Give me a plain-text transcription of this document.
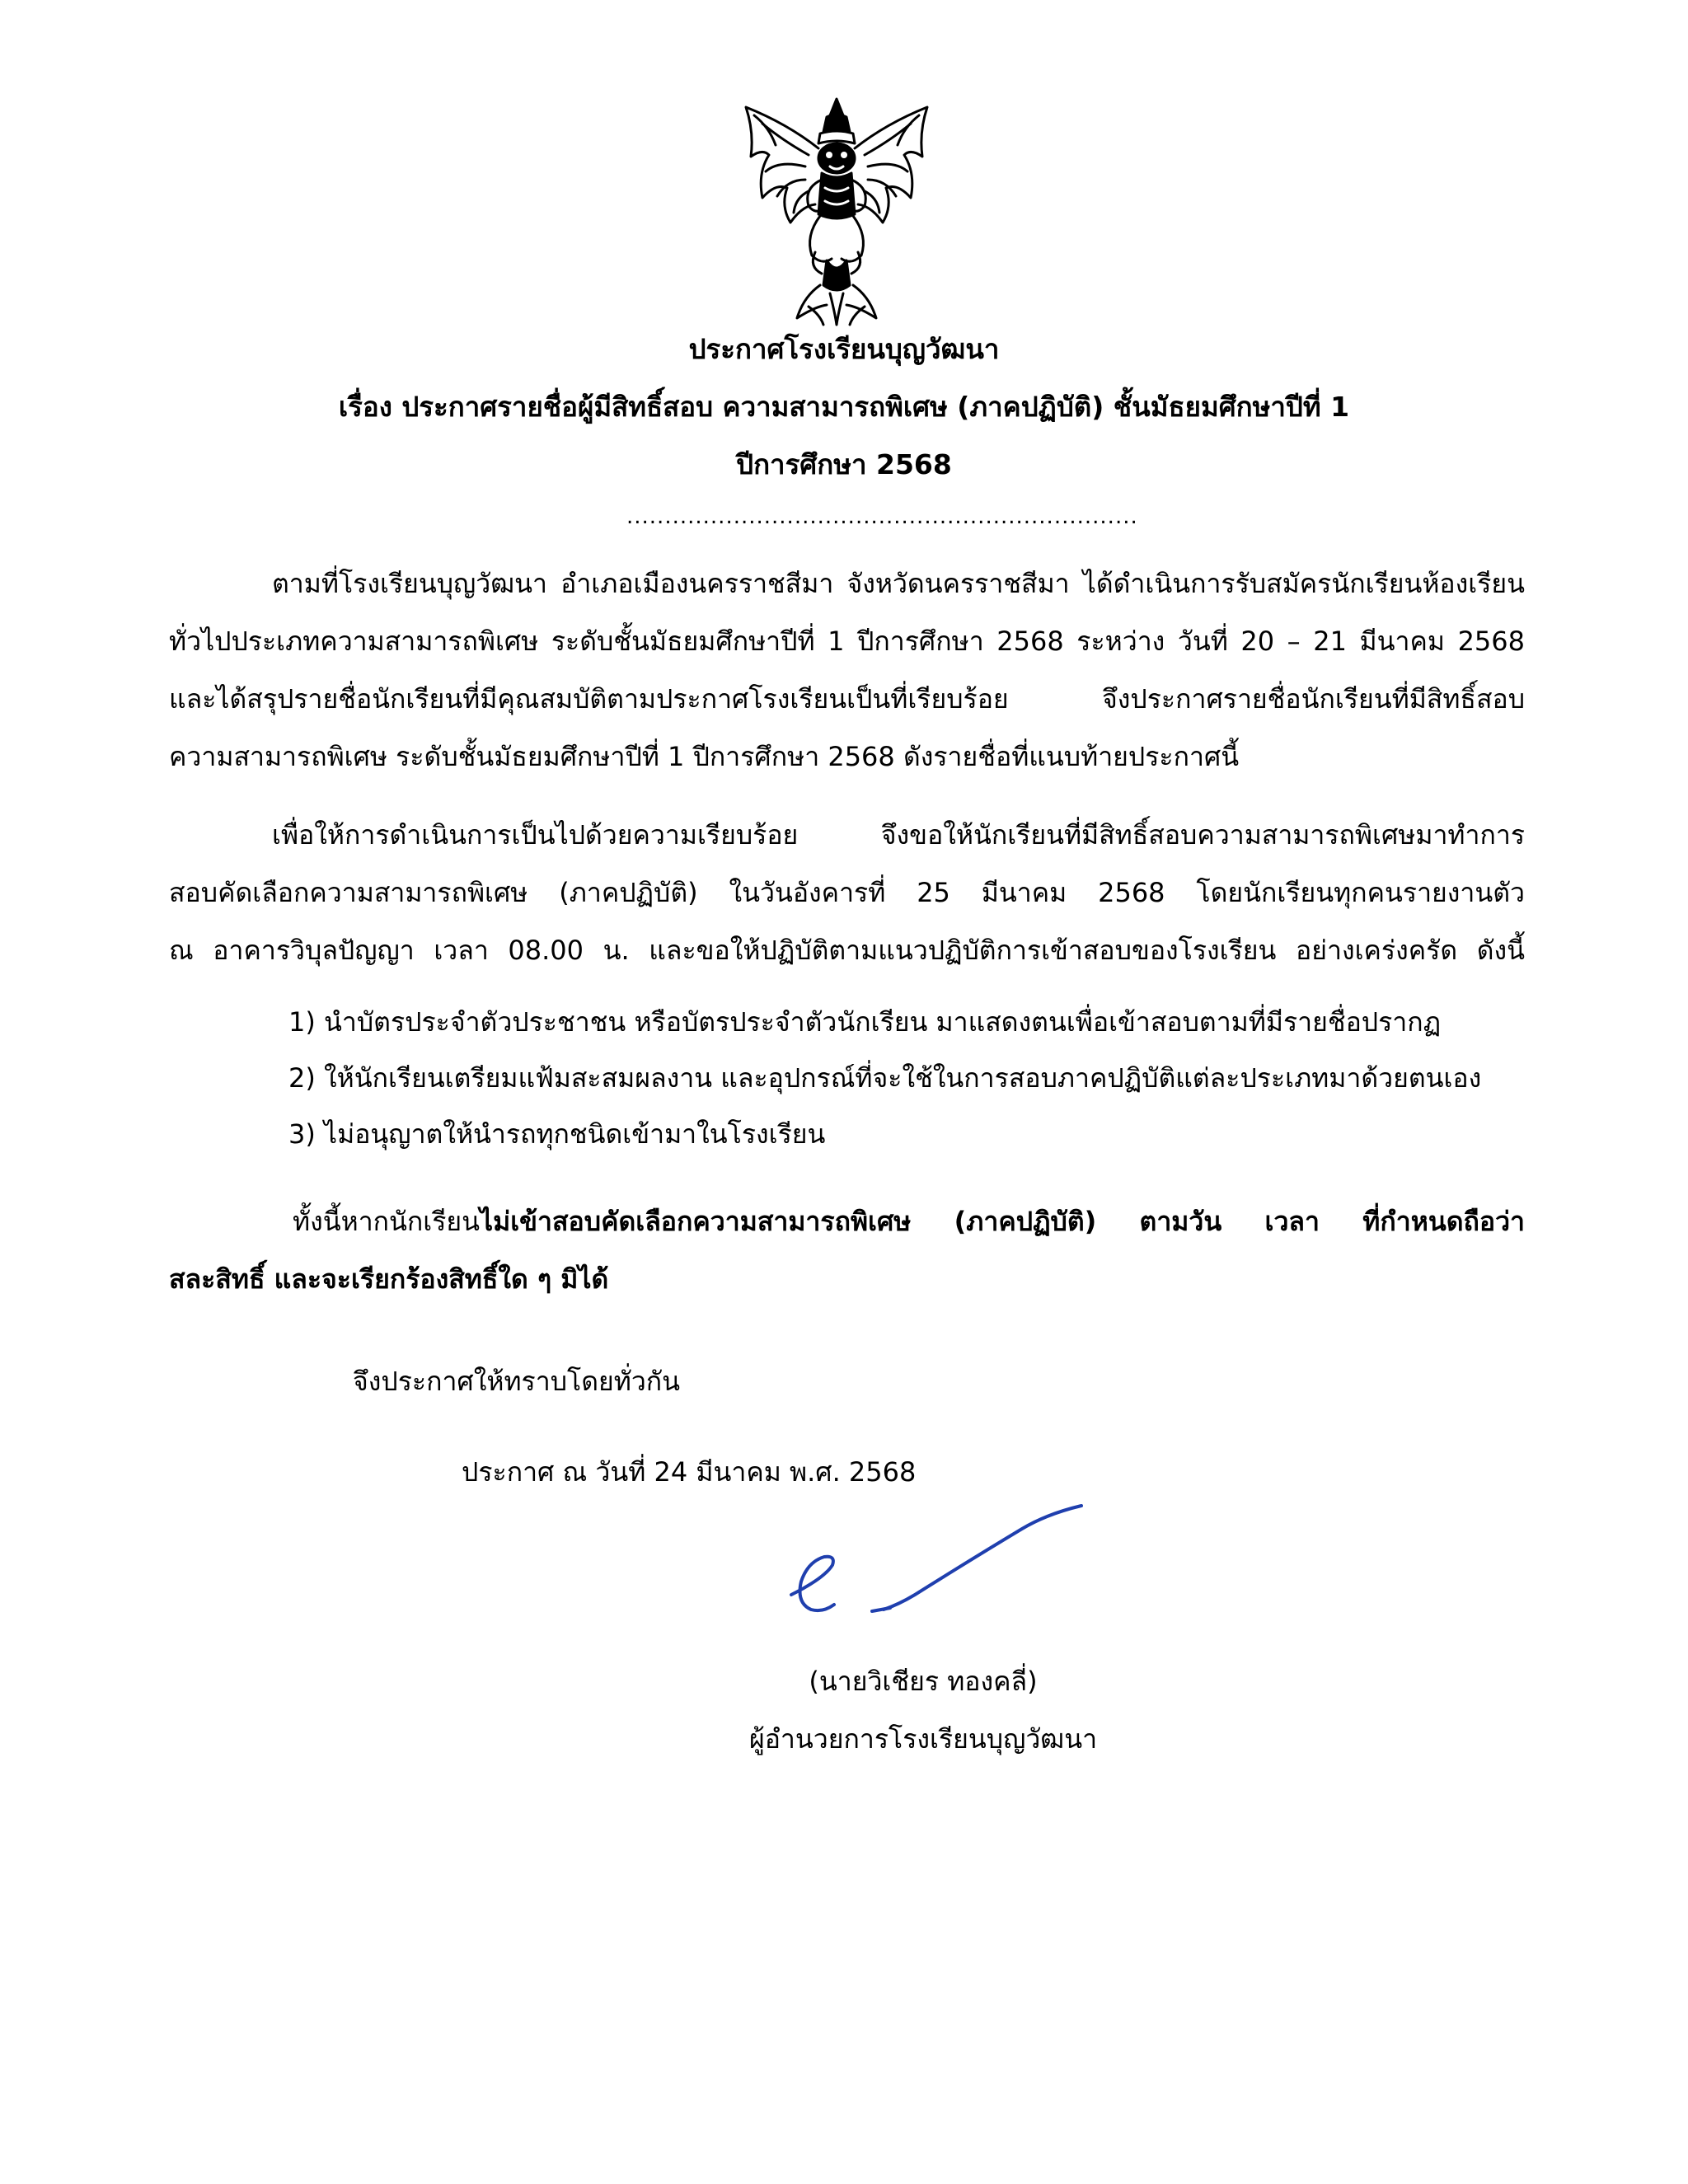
ประกาศโรงเรียนบุญวัฒนา
เรื่อง ประกาศรายชื่อผู้มีสิทธิ์สอบ ความสามารถพิเศษ (ภาคปฏิบัติ) ชั้นมัธยมศึกษาปีที่ 1
ปีการศึกษา 2568
...................................................................
ตามที่โรงเรียนบุญวัฒนา อำเภอเมืองนครราชสีมา จังหวัดนครราชสีมา ได้ดำเนินการรับสมัครนักเรียนห้องเรียน
ทั่วไปประเภทความสามารถพิเศษ ระดับชั้นมัธยมศึกษาปีที่ 1 ปีการศึกษา 2568 ระหว่าง วันที่ 20 – 21 มีนาคม 2568
และได้สรุปรายชื่อนักเรียนที่มีคุณสมบัติตามประกาศโรงเรียนเป็นที่เรียบร้อย จึงประกาศรายชื่อนักเรียนที่มีสิทธิ์สอบ
ความสามารถพิเศษ ระดับชั้นมัธยมศึกษาปีที่ 1 ปีการศึกษา 2568 ดังรายชื่อที่แนบท้ายประกาศนี้
เพื่อให้การดำเนินการเป็นไปด้วยความเรียบร้อย จึงขอให้นักเรียนที่มีสิทธิ์สอบความสามารถพิเศษมาทำการ
สอบคัดเลือกความสามารถพิเศษ (ภาคปฏิบัติ) ในวันอังคารที่ 25 มีนาคม 2568 โดยนักเรียนทุกคนรายงานตัว
ณ อาคารวิบุลปัญญา เวลา 08.00 น. และขอให้ปฏิบัติตามแนวปฏิบัติการเข้าสอบของโรงเรียน อย่างเคร่งครัด ดังนี้
1) นำบัตรประจำตัวประชาชน หรือบัตรประจำตัวนักเรียน มาแสดงตนเพื่อเข้าสอบตามที่มีรายชื่อปรากฏ
2) ให้นักเรียนเตรียมแฟ้มสะสมผลงาน และอุปกรณ์ที่จะใช้ในการสอบภาคปฏิบัติแต่ละประเภทมาด้วยตนเอง
3) ไม่อนุญาตให้นำรถทุกชนิดเข้ามาในโรงเรียน
ทั้งนี้หากนักเรียนไม่เข้าสอบคัดเลือกความสามารถพิเศษ (ภาคปฏิบัติ) ตามวัน เวลา ที่กำหนดถือว่า
สละสิทธิ์ และจะเรียกร้องสิทธิ์ใด ๆ มิได้
จึงประกาศให้ทราบโดยทั่วกัน
ประกาศ ณ วันที่ 24 มีนาคม พ.ศ. 2568
(นายวิเชียร ทองคลี่)
ผู้อำนวยการโรงเรียนบุญวัฒนา
